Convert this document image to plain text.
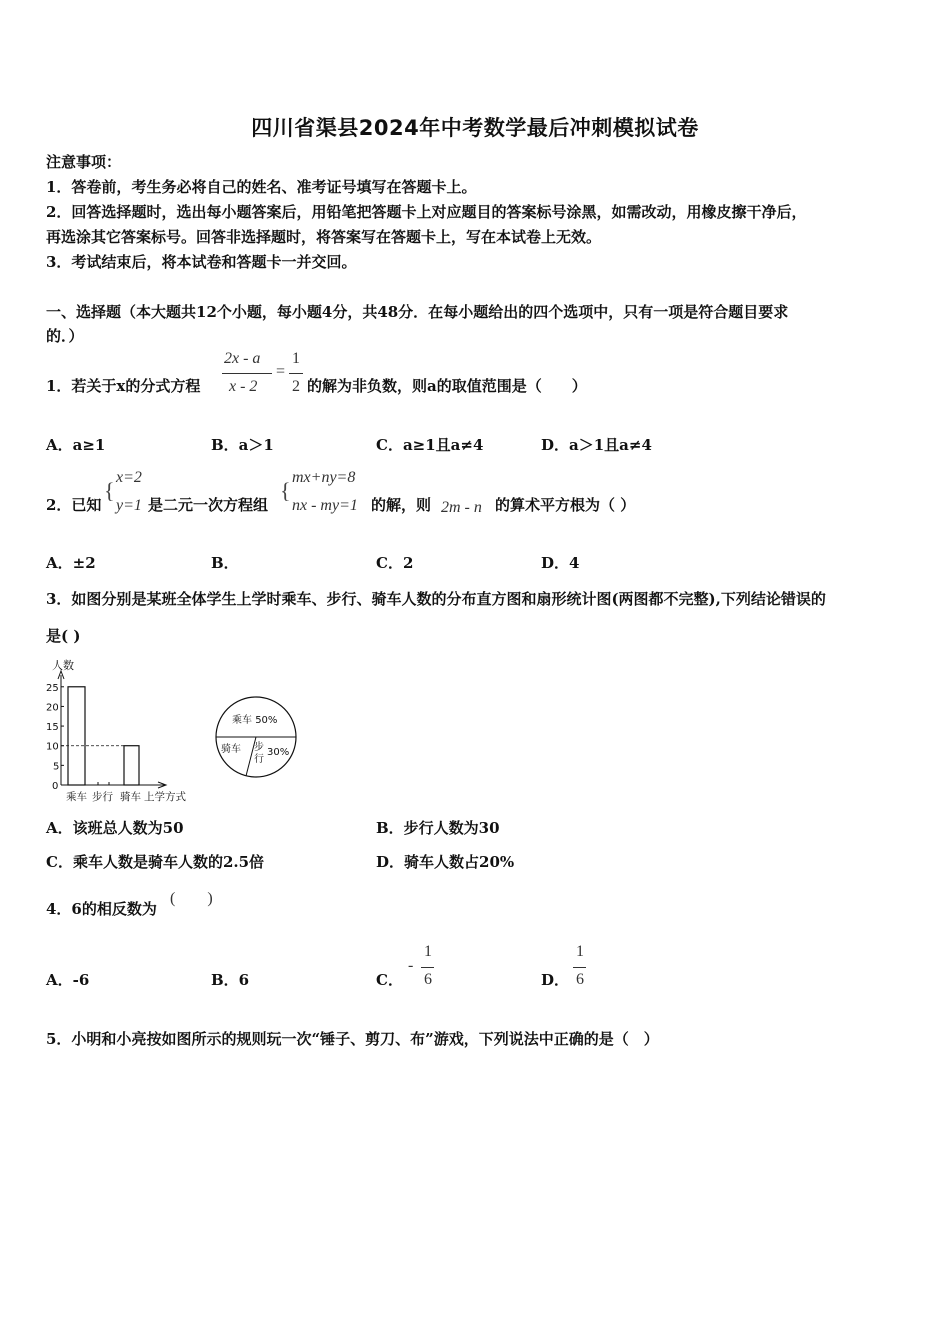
四川省渠县2024年中考数学最后冲刺模拟试卷
注意事项：
1．答卷前，考生务必将自己的姓名、准考证号填写在答题卡上。
2．回答选择题时，选出每小题答案后，用铅笔把答题卡上对应题目的答案标号涂黑，如需改动，用橡皮擦干净后，
再选涂其它答案标号。回答非选择题时，将答案写在答题卡上，写在本试卷上无效。
3．考试结束后，将本试卷和答题卡一并交回。
一、选择题（本大题共12个小题，每小题4分，共48分．在每小题给出的四个选项中，只有一项是符合题目要求
的．）
1．若关于x的分式方程
2x - a
x - 2
=
1
2 的解为非负数，则a的取值范围是（　　）
A．a≥1	B．a＞1	C．a≥1且a≠4	D．a＞1且a≠4
2．已知
{
x=2
y=1 是二元一次方程组
{
mx+ny=8
nx - my=1 的解，则 2m - n 的算术平方根为（ ）
A．±2	B．	C．2	D．4
3．如图分别是某班全体学生上学时乘车、步行、骑车人数的分布直方图和扇形统计图(两图都不完整),下列结论错误的
是( )
人数
0
5
10
15
20
25
乘车 步行 骑车 上学方式
乘车 50%
骑车 步
行
30%
A．该班总人数为50	B．步行人数为30
C．乘车人数是骑车人数的2.5倍	D．骑车人数占20%
4．6的相反数为
(　　)
A．-6	B．6	C．
-
1
6	D．
1
6
5．小明和小亮按如图所示的规则玩一次“锤子、剪刀、布”游戏，下列说法中正确的是（　）
